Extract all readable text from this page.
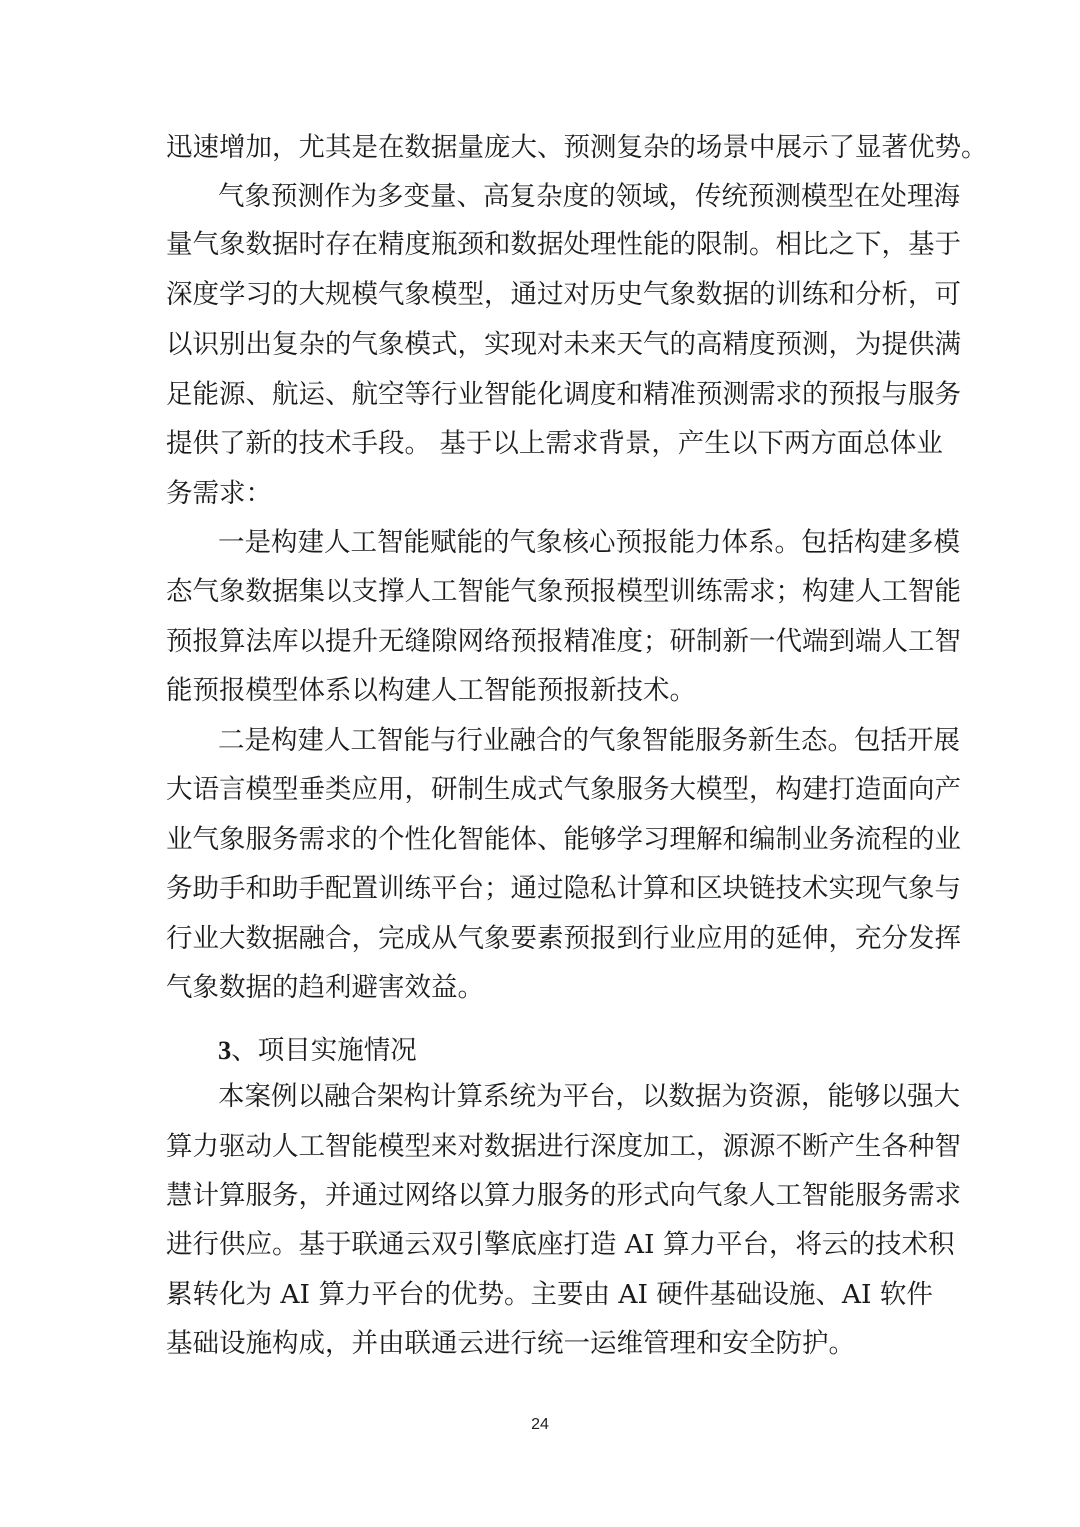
迅速增加，尤其是在数据量庞大、预测复杂的场景中展示了显著优势。
气象预测作为多变量、高复杂度的领域，传统预测模型在处理海
量气象数据时存在精度瓶颈和数据处理性能的限制。相比之下，基于
深度学习的大规模气象模型，通过对历史气象数据的训练和分析，可
以识别出复杂的气象模式，实现对未来天气的高精度预测，为提供满
足能源、航运、航空等行业智能化调度和精准预测需求的预报与服务
提供了新的技术手段。 基于以上需求背景，产生以下两方面总体业
务需求：
一是构建人工智能赋能的气象核心预报能力体系。包括构建多模
态气象数据集以支撑人工智能气象预报模型训练需求；构建人工智能
预报算法库以提升无缝隙网络预报精准度；研制新一代端到端人工智
能预报模型体系以构建人工智能预报新技术。
二是构建人工智能与行业融合的气象智能服务新生态。包括开展
大语言模型垂类应用，研制生成式气象服务大模型，构建打造面向产
业气象服务需求的个性化智能体、能够学习理解和编制业务流程的业
务助手和助手配置训练平台；通过隐私计算和区块链技术实现气象与
行业大数据融合，完成从气象要素预报到行业应用的延伸，充分发挥
气象数据的趋利避害效益。
3、项目实施情况
本案例以融合架构计算系统为平台，以数据为资源，能够以强大
算力驱动人工智能模型来对数据进行深度加工，源源不断产生各种智
慧计算服务，并通过网络以算力服务的形式向气象人工智能服务需求
进行供应。基于联通云双引擎底座打造 AI 算力平台，将云的技术积
累转化为 AI 算力平台的优势。主要由 AI 硬件基础设施、AI 软件
基础设施构成，并由联通云进行统一运维管理和安全防护。
24
